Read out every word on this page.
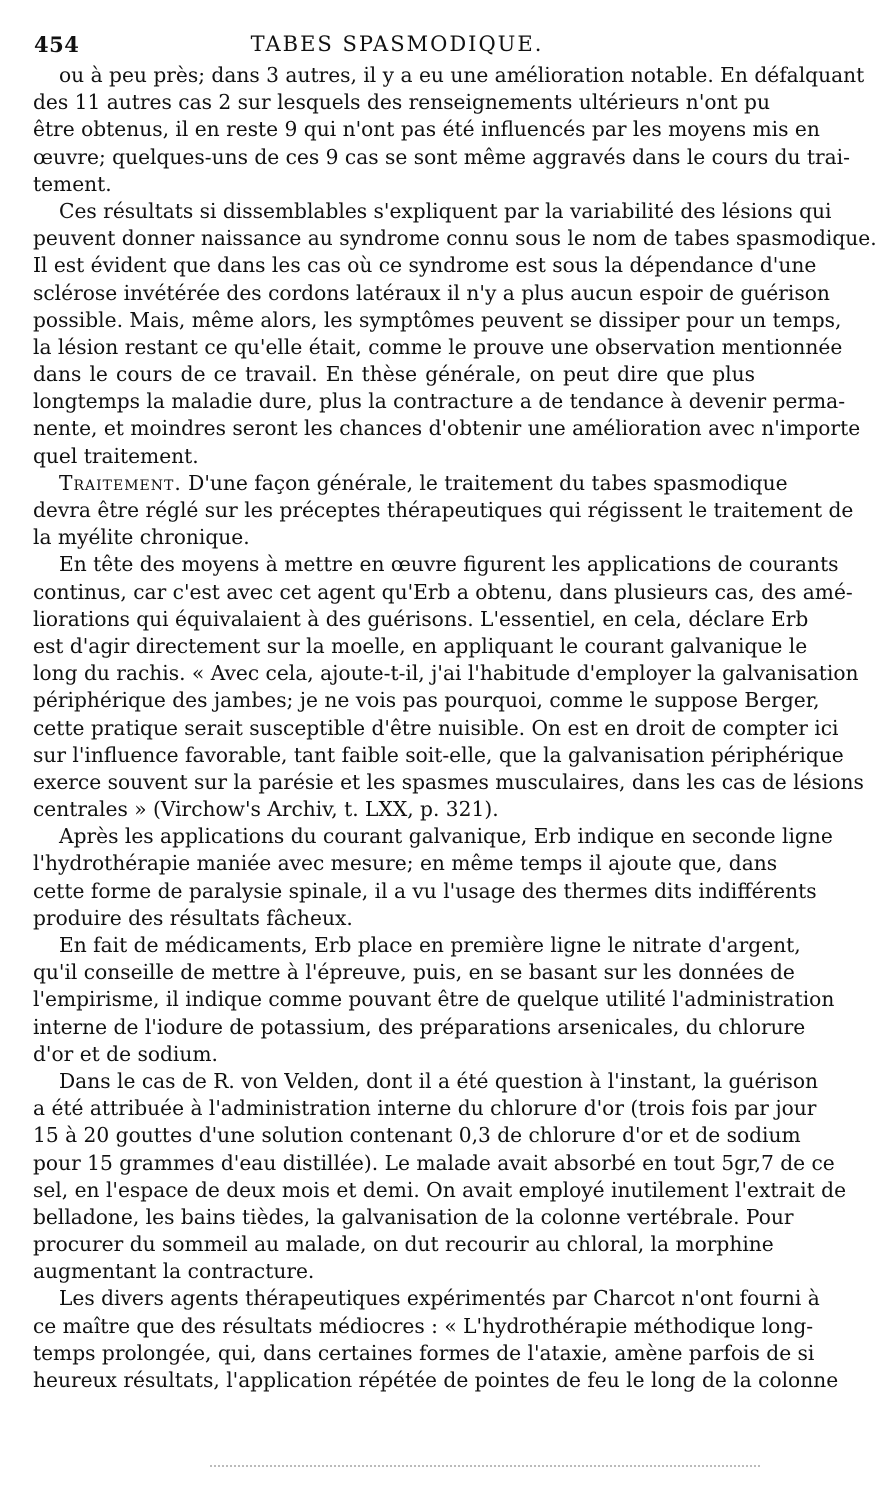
454	TABES SPASMODIQUE.
ou à peu près; dans 3 autres, il y a eu une amélioration notable. En défalquant
des 11 autres cas 2 sur lesquels des renseignements ultérieurs n'ont pu
être obtenus, il en reste 9 qui n'ont pas été influencés par les moyens mis en
œuvre; quelques-uns de ces 9 cas se sont même aggravés dans le cours du trai-
tement.
Ces résultats si dissemblables s'expliquent par la variabilité des lésions qui
peuvent donner naissance au syndrome connu sous le nom de tabes spasmodique.
Il est évident que dans les cas où ce syndrome est sous la dépendance d'une
sclérose invétérée des cordons latéraux il n'y a plus aucun espoir de guérison
possible. Mais, même alors, les symptômes peuvent se dissiper pour un temps,
la lésion restant ce qu'elle était, comme le prouve une observation mentionnée
dans le cours de ce travail. En thèse générale, on peut dire que plus
longtemps la maladie dure, plus la contracture a de tendance à devenir perma-
nente, et moindres seront les chances d'obtenir une amélioration avec n'importe
quel traitement.
Traitement. D'une façon générale, le traitement du tabes spasmodique
devra être réglé sur les préceptes thérapeutiques qui régissent le traitement de
la myélite chronique.
En tête des moyens à mettre en œuvre figurent les applications de courants
continus, car c'est avec cet agent qu'Erb a obtenu, dans plusieurs cas, des amé-
liorations qui équivalaient à des guérisons. L'essentiel, en cela, déclare Erb
est d'agir directement sur la moelle, en appliquant le courant galvanique le
long du rachis. « Avec cela, ajoute-t-il, j'ai l'habitude d'employer la galvanisation
périphérique des jambes; je ne vois pas pourquoi, comme le suppose Berger,
cette pratique serait susceptible d'être nuisible. On est en droit de compter ici
sur l'influence favorable, tant faible soit-elle, que la galvanisation périphérique
exerce souvent sur la parésie et les spasmes musculaires, dans les cas de lésions
centrales » (Virchow's Archiv, t. LXX, p. 321).
Après les applications du courant galvanique, Erb indique en seconde ligne
l'hydrothérapie maniée avec mesure; en même temps il ajoute que, dans
cette forme de paralysie spinale, il a vu l'usage des thermes dits indifférents
produire des résultats fâcheux.
En fait de médicaments, Erb place en première ligne le nitrate d'argent,
qu'il conseille de mettre à l'épreuve, puis, en se basant sur les données de
l'empirisme, il indique comme pouvant être de quelque utilité l'administration
interne de l'iodure de potassium, des préparations arsenicales, du chlorure
d'or et de sodium.
Dans le cas de R. von Velden, dont il a été question à l'instant, la guérison
a été attribuée à l'administration interne du chlorure d'or (trois fois par jour
15 à 20 gouttes d'une solution contenant 0,3 de chlorure d'or et de sodium
pour 15 grammes d'eau distillée). Le malade avait absorbé en tout 5gr,7 de ce
sel, en l'espace de deux mois et demi. On avait employé inutilement l'extrait de
belladone, les bains tièdes, la galvanisation de la colonne vertébrale. Pour
procurer du sommeil au malade, on dut recourir au chloral, la morphine
augmentant la contracture.
Les divers agents thérapeutiques expérimentés par Charcot n'ont fourni à
ce maître que des résultats médiocres : « L'hydrothérapie méthodique long-
temps prolongée, qui, dans certaines formes de l'ataxie, amène parfois de si
heureux résultats, l'application répétée de pointes de feu le long de la colonne
